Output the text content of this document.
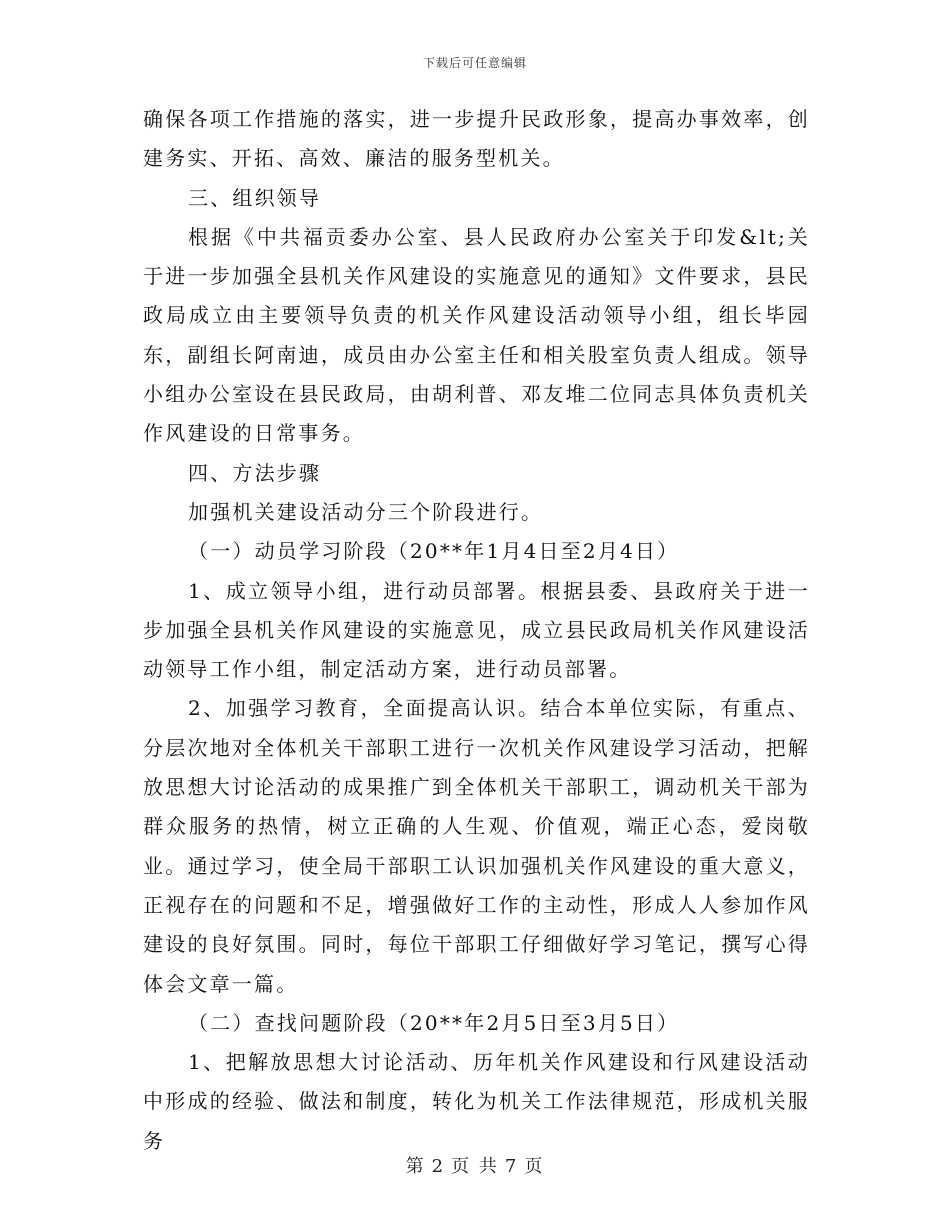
下载后可任意编辑

确保各项工作措施的落实，进一步提升民政形象，提高办事效率，创建务实、开拓、高效、廉洁的服务型机关。

三、组织领导

根据《中共福贡委办公室、县人民政府办公室关于印发&lt;关于进一步加强全县机关作风建设的实施意见的通知》文件要求，县民政局成立由主要领导负责的机关作风建设活动领导小组，组长毕园东，副组长阿南迪，成员由办公室主任和相关股室负责人组成。领导小组办公室设在县民政局，由胡利普、邓友堆二位同志具体负责机关作风建设的日常事务。

四、方法步骤

加强机关建设活动分三个阶段进行。

（一）动员学习阶段（20**年1月4日至2月4日）

1、成立领导小组，进行动员部署。根据县委、县政府关于进一步加强全县机关作风建设的实施意见，成立县民政局机关作风建设活动领导工作小组，制定活动方案，进行动员部署。

2、加强学习教育，全面提高认识。结合本单位实际，有重点、分层次地对全体机关干部职工进行一次机关作风建设学习活动，把解放思想大讨论活动的成果推广到全体机关干部职工，调动机关干部为群众服务的热情，树立正确的人生观、价值观，端正心态，爱岗敬业。通过学习，使全局干部职工认识加强机关作风建设的重大意义，正视存在的问题和不足，增强做好工作的主动性，形成人人参加作风建设的良好氛围。同时，每位干部职工仔细做好学习笔记，撰写心得体会文章一篇。

（二）查找问题阶段（20**年2月5日至3月5日）

1、把解放思想大讨论活动、历年机关作风建设和行风建设活动中形成的经验、做法和制度，转化为机关工作法律规范，形成机关服务

第 2 页 共 7 页
